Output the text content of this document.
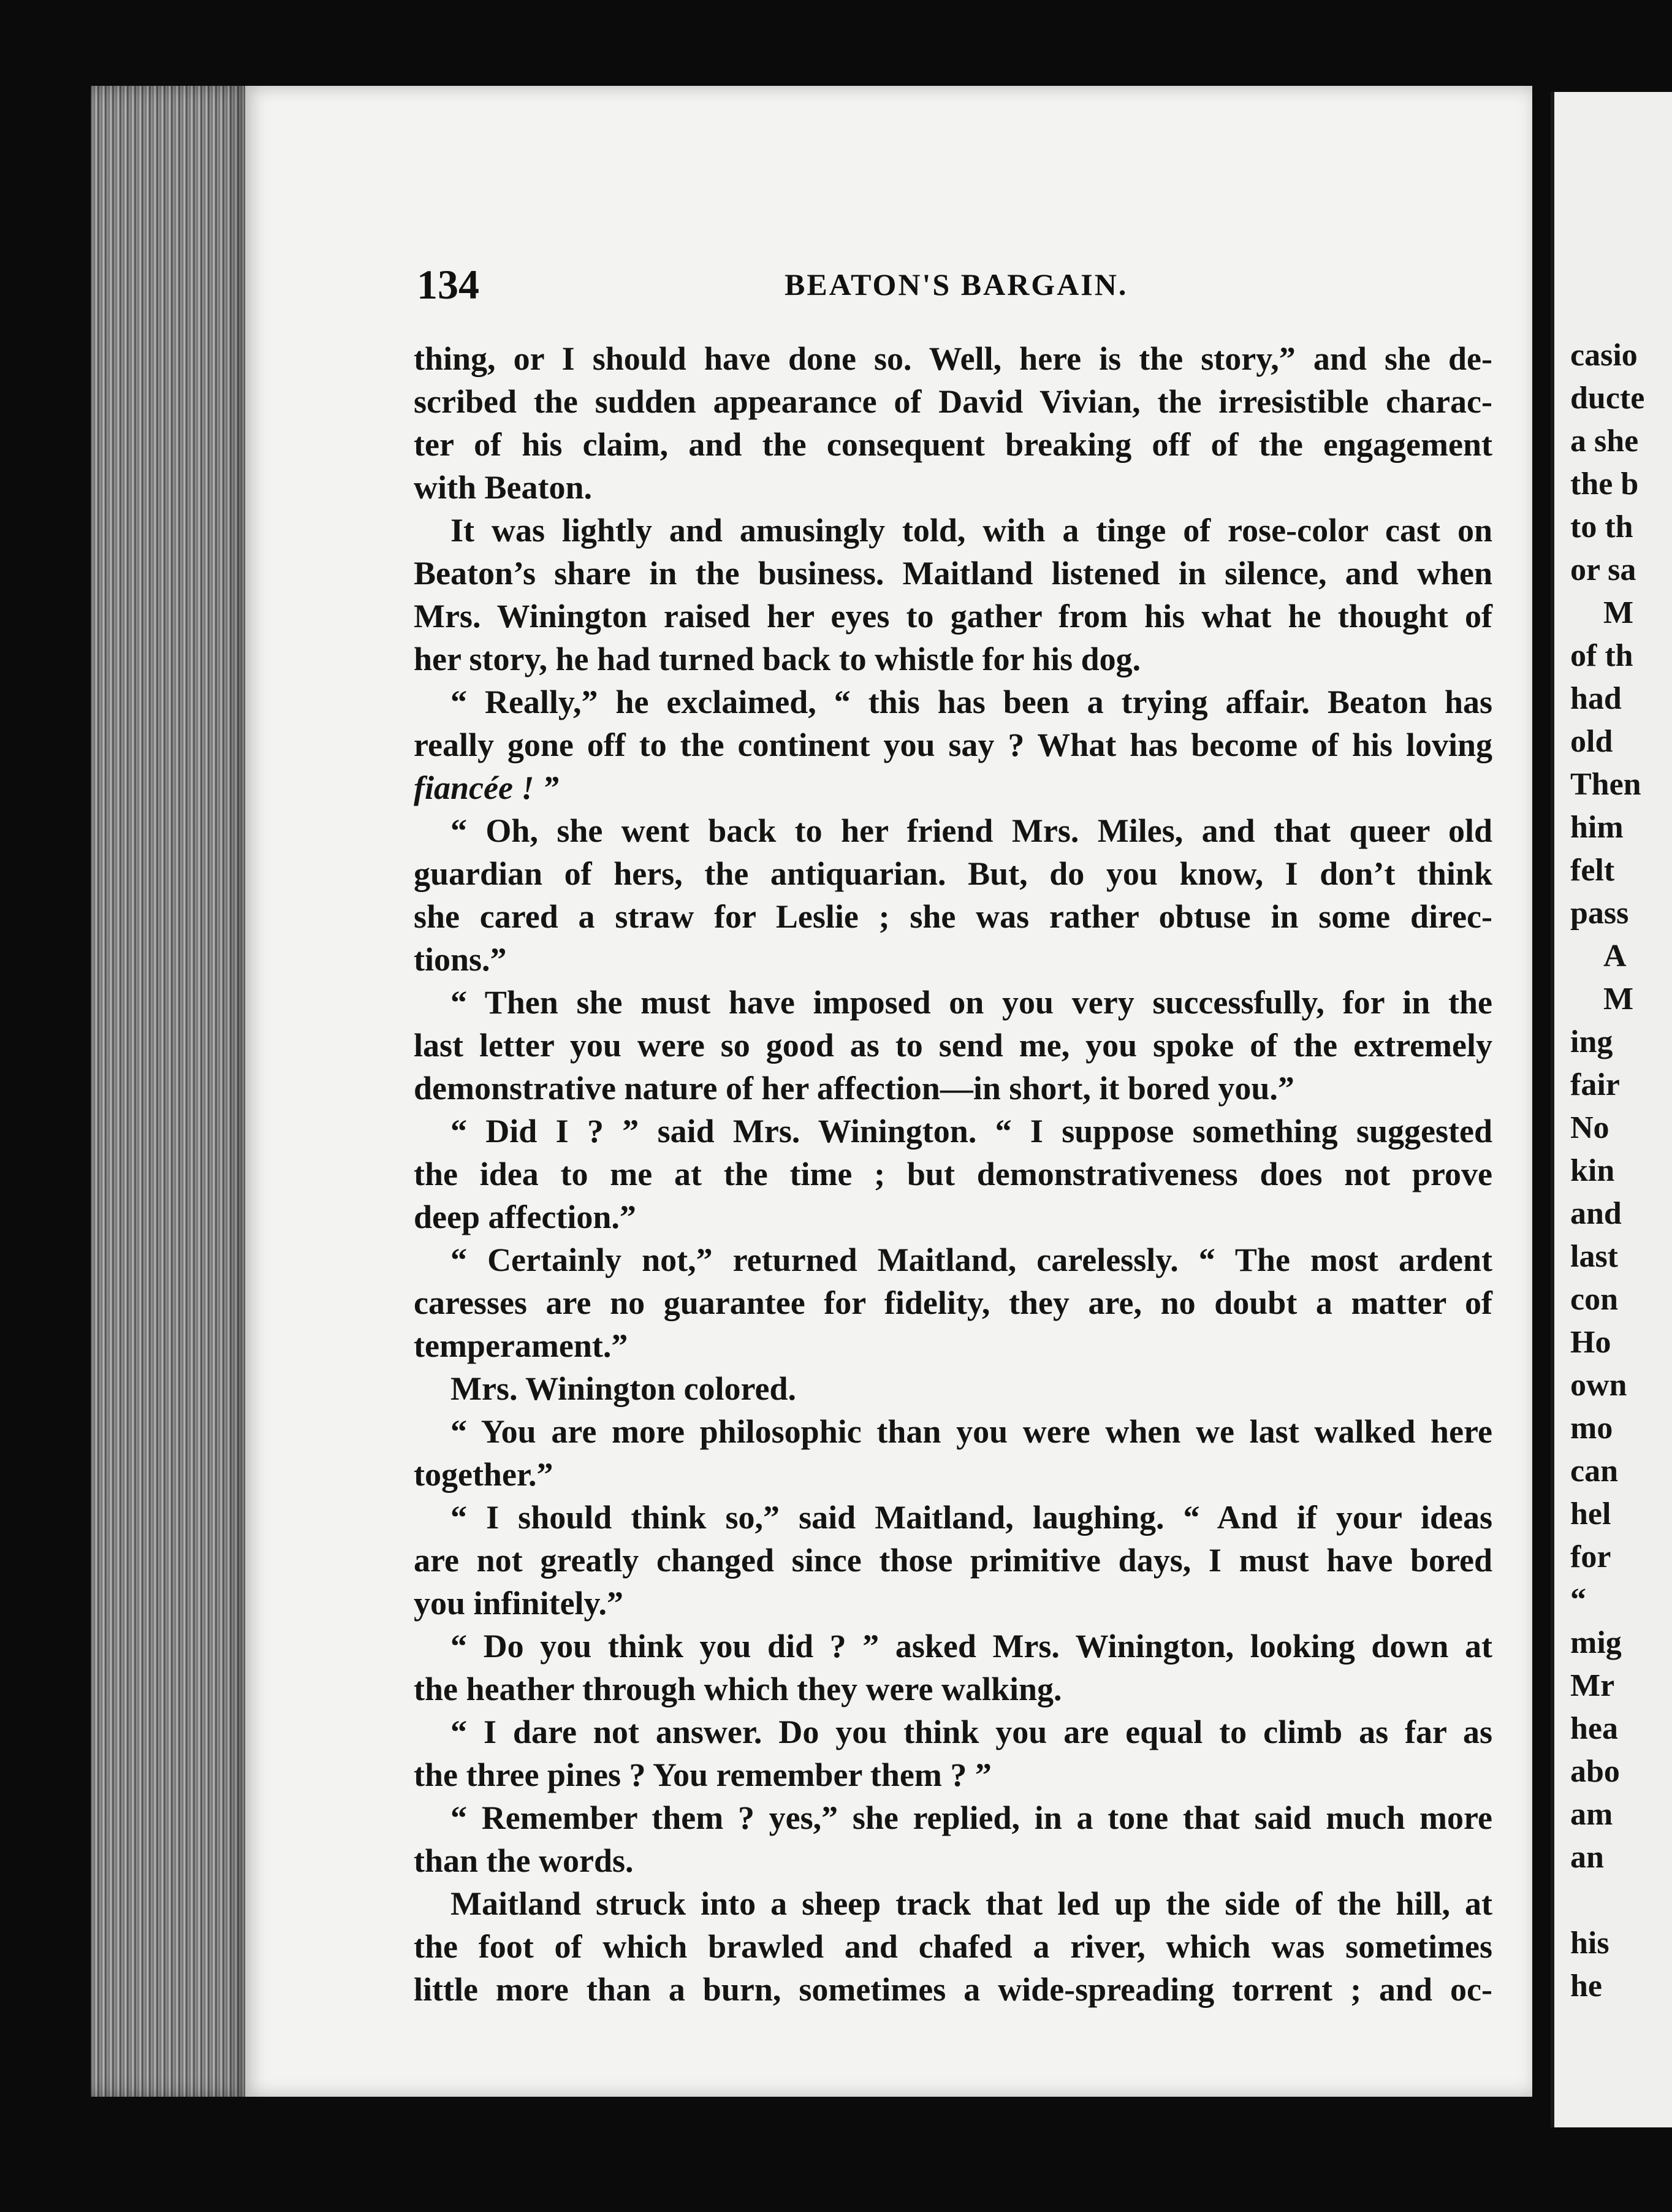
134	BEATON'S BARGAIN.
thing, or I should have done so. Well, here is the story,” and she de-
scribed the sudden appearance of David Vivian, the irresistible charac-
ter of his claim, and the consequent breaking off of the engagement
with Beaton.
It was lightly and amusingly told, with a tinge of rose-color cast on
Beaton’s share in the business. Maitland listened in silence, and when
Mrs. Winington raised her eyes to gather from his what he thought of
her story, he had turned back to whistle for his dog.
“ Really,” he exclaimed, “ this has been a trying affair. Beaton has
really gone off to the continent you say ? What has become of his loving
fiancée ! ”
“ Oh, she went back to her friend Mrs. Miles, and that queer old
guardian of hers, the antiquarian. But, do you know, I don’t think
she cared a straw for Leslie ; she was rather obtuse in some direc-
tions.”
“ Then she must have imposed on you very successfully, for in the
last letter you were so good as to send me, you spoke of the extremely
demonstrative nature of her affection—in short, it bored you.”
“ Did I ? ” said Mrs. Winington. “ I suppose something suggested
the idea to me at the time ; but demonstrativeness does not prove
deep affection.”
“ Certainly not,” returned Maitland, carelessly. “ The most ardent
caresses are no guarantee for fidelity, they are, no doubt a matter of
temperament.”
Mrs. Winington colored.
“ You are more philosophic than you were when we last walked here
together.”
“ I should think so,” said Maitland, laughing. “ And if your ideas
are not greatly changed since those primitive days, I must have bored
you infinitely.”
“ Do you think you did ? ” asked Mrs. Winington, looking down at
the heather through which they were walking.
“ I dare not answer. Do you think you are equal to climb as far as
the three pines ? You remember them ? ”
“ Remember them ? yes,” she replied, in a tone that said much more
than the words.
Maitland struck into a sheep track that led up the side of the hill, at
the foot of which brawled and chafed a river, which was sometimes
little more than a burn, sometimes a wide-spreading torrent ; and oc-
casio
ducte
a she
the b
to th
or sa
M
of th
had
old
Then
him
felt
pass
A
M
ing
fair
No
kin
and
last
con
Ho
own
mo
can
hel
for
“
mig
Mr
hea
abo
am
an
his
he
